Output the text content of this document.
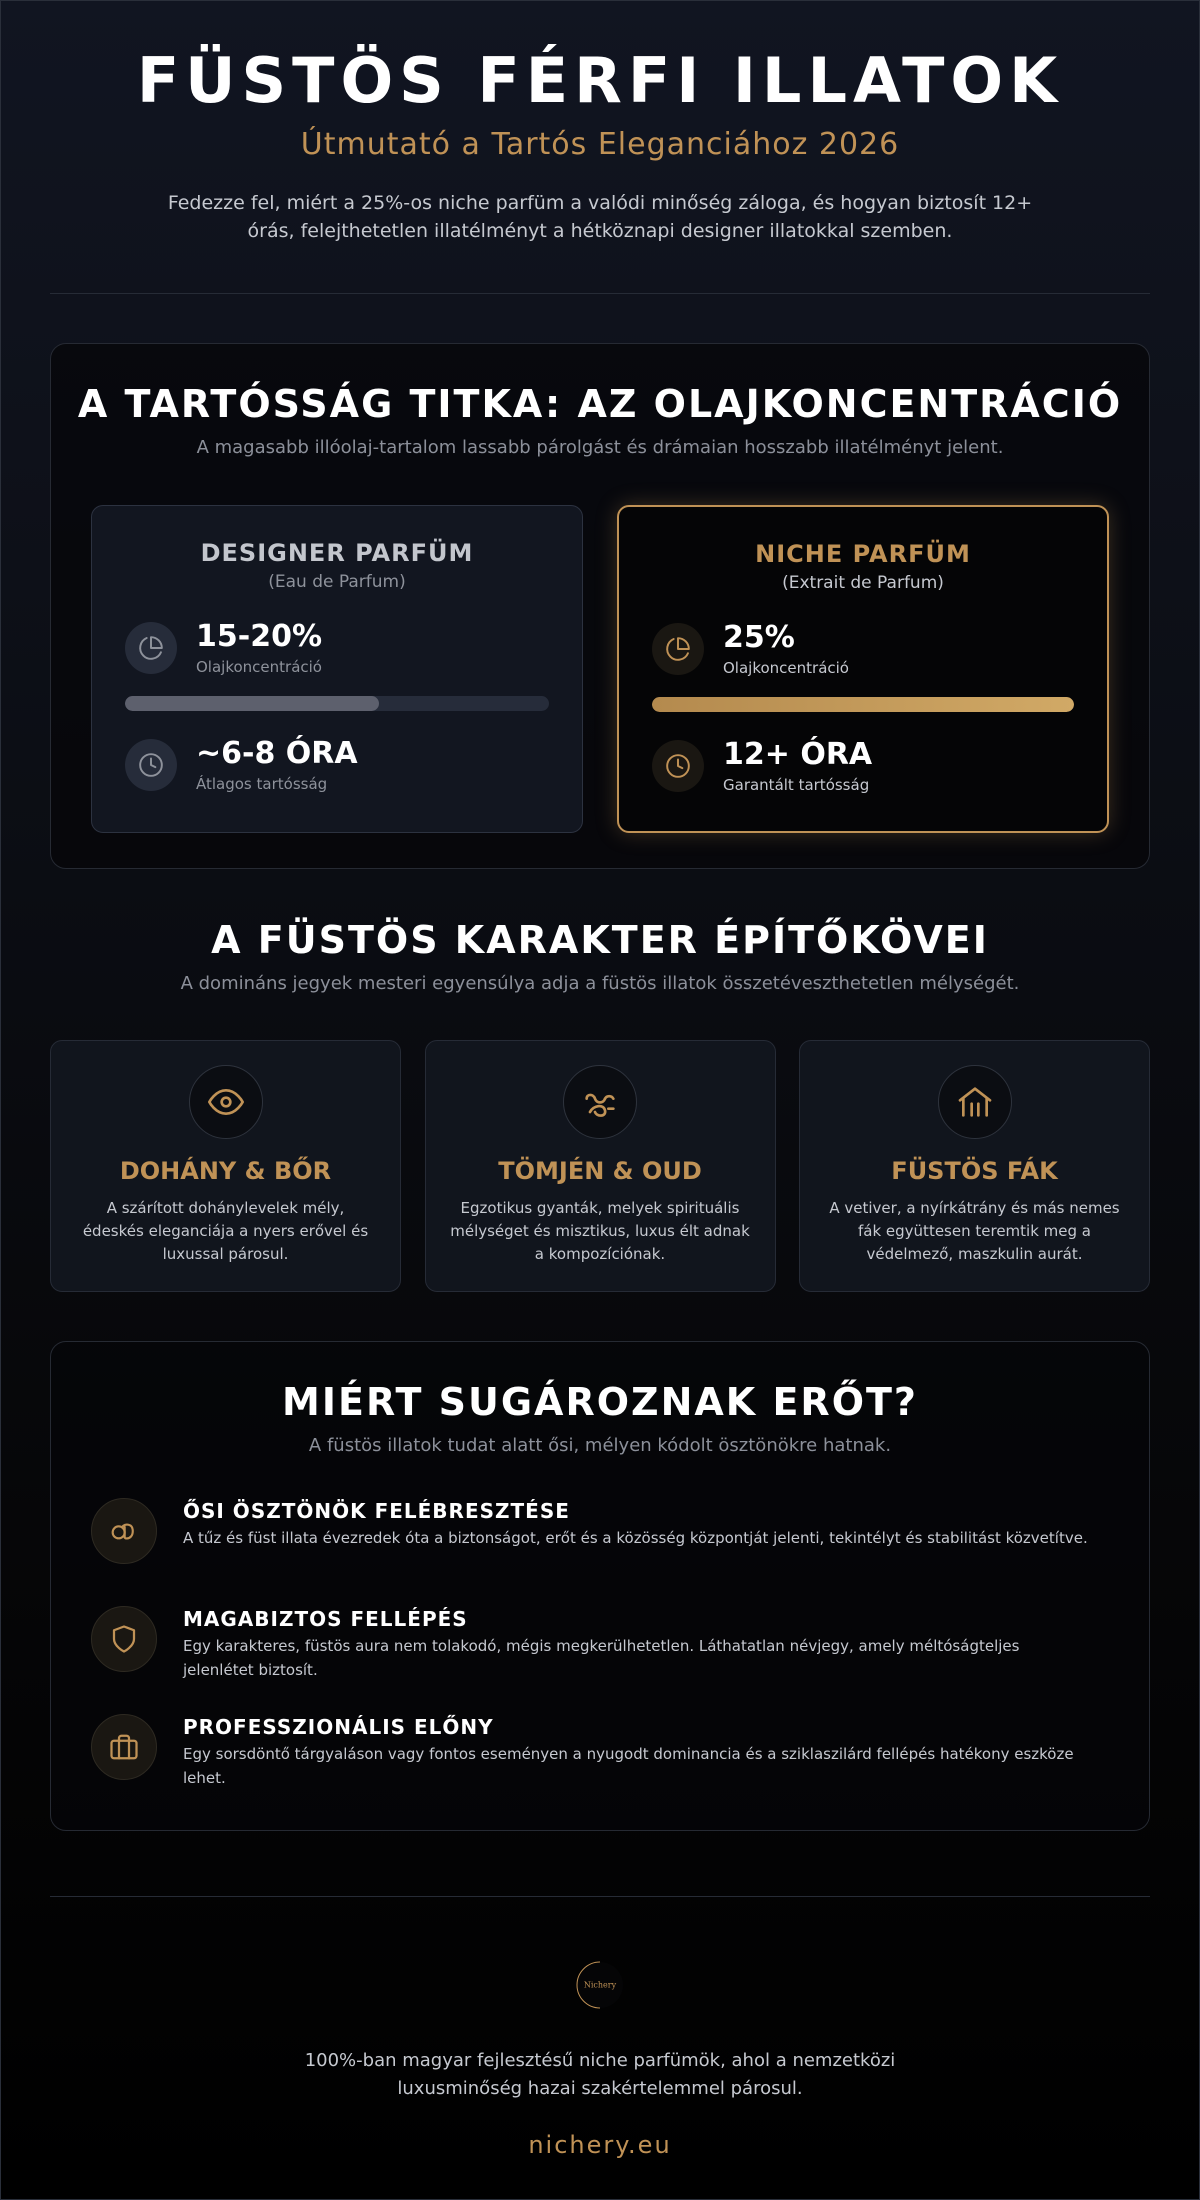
FÜSTÖS FÉRFI ILLATOK
Útmutató a Tartós Eleganciához 2026

Fedezze fel, miért a 25%-os niche parfüm a valódi minőség záloga, és hogyan biztosít 12+ órás, felejthetetlen illatélményt a hétköznapi designer illatokkal szemben.

A TARTÓSSÁG TITKA: AZ OLAJKONCENTRÁCIÓ
A magasabb illóolaj-tartalom lassabb párolgást és drámaian hosszabb illatélményt jelent.
DESIGNER PARFÜM
(Eau de Parfum)
15-20%
Olajkoncentráció
~6-8 ÓRA
Átlagos tartósság
NICHE PARFÜM
(Extrait de Parfum)
25%
Olajkoncentráció
12+ ÓRA
Garantált tartósság
A FÜSTÖS KARAKTER ÉPÍTŐKÖVEI
A domináns jegyek mesteri egyensúlya adja a füstös illatok összetéveszthetetlen mélységét.
DOHÁNY & BŐR
A szárított dohánylevelek mély, édeskés eleganciája a nyers erővel és luxussal párosul.
TÖMJÉN & OUD
Egzotikus gyanták, melyek spirituális mélységet és misztikus, luxus élt adnak a kompozíciónak.
FÜSTÖS FÁK
A vetiver, a nyírkátrány és más nemes fák együttesen teremtik meg a védelmező, maszkulin aurát.
MIÉRT SUGÁROZNAK ERŐT?
A füstös illatok tudat alatt ősi, mélyen kódolt ösztönökre hatnak.
ŐSI ÖSZTÖNÖK FELÉBRESZTÉSE
A tűz és füst illata évezredek óta a biztonságot, erőt és a közösség központját jelenti, tekintélyt és stabilitást közvetítve.
MAGABIZTOS FELLÉPÉS
Egy karakteres, füstös aura nem tolakodó, mégis megkerülhetetlen. Láthatatlan névjegy, amely méltóságteljes jelenlétet biztosít.
PROFESSZIONÁLIS ELŐNY
Egy sorsdöntő tárgyaláson vagy fontos eseményen a nyugodt dominancia és a sziklaszilárd fellépés hatékony eszköze lehet.
Nichery

100%-ban magyar fejlesztésű niche parfümök, ahol a nemzetközi luxusminőség hazai szakértelemmel párosul.

nichery.eu
